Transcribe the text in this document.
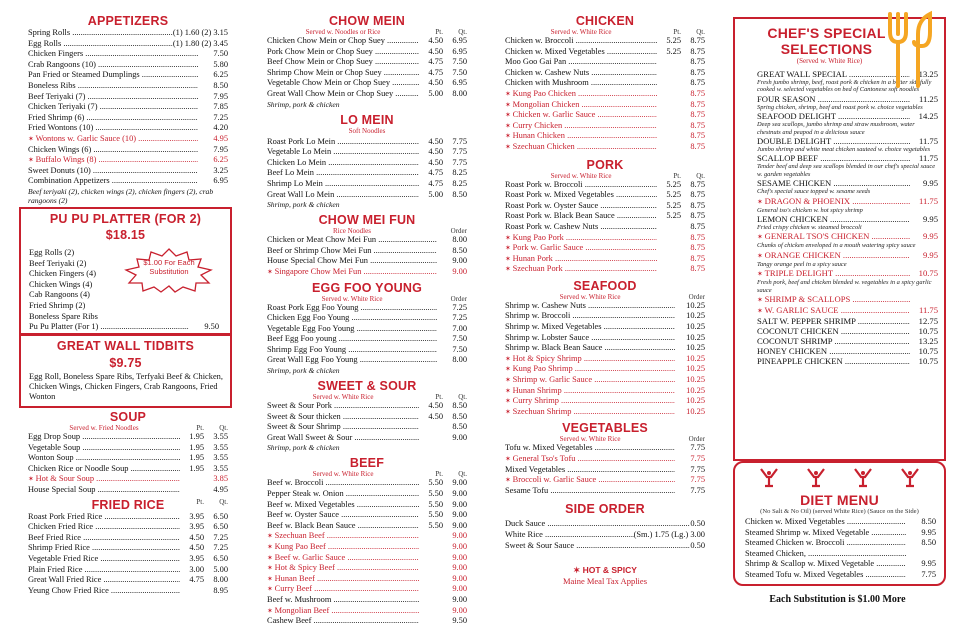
APPETIZERS
Spring Rolls .....	(1) 1.60 (2) 3.15
Egg Rolls .....	(1) 1.80 (2) 3.45
Chicken Fingers .....	7.50
Crab Rangoons (10) .....	5.80
Pan Fried or Steamed Dumplings .....	6.25
Boneless Ribs .....	8.50
Beef Teriyaki (7) .....	7.95
Chicken Teriyaki (7) .....	7.85
Fried Shrimp (6) .....	7.25
Fried Wontons (10) .....	4.20
✶ Wontons w. Garlic Sauce (10) .....	4.95
Chicken Wings (6) .....	7.95
✶ Buffalo Wings (8) .....	6.25
Sweet Donuts (10) .....	3.25
Combination Appetizers .....	6.95
Beef teriyaki (2), chicken wings (2), chicken fingers (2), crab rangoons (2)
PU PU PLATTER (FOR 2)
$18.15
Egg Rolls (2)
Beef Teriyaki (2)
Chicken Fingers (4)
Chicken Wings (4)
Cab Rangoons (4)
Fried Shrimp (2)
Boneless Spare Ribs
Pu Pu Platter (For 1) .....	9.50
$1.00 For Each Substitution
GREAT WALL TIDBITS
$9.75
Egg Roll, Boneless Spare Ribs, Terfyaki Beef & Chicken, Chicken Wings, Chicken Fingers, Crab Rangoons, Fried Wonton
SOUP
Served w. Fried Noodles	Pt.	Qt.
Egg Drop Soup .....	1.95	3.55
Vegetable Soup .....	1.95	3.55
Wonton Soup .....	1.95	3.55
Chicken Rice or Noodle Soup .....	1.95	3.55
✶ Hot & Sour Soup .....	3.85
House Special Soup .....	4.95
FRIED RICE	Pt.	Qt.
Roast Pork Fried Rice .....	3.95	6.50
Chicken Fried Rice .....	3.95	6.50
Beef Fried Rice .....	4.50	7.25
Shrimp Fried Rice .....	4.50	7.25
Vegetable Fried Rice .....	3.95	6.50
Plain Fried Rice .....	3.00	5.00
Great Wall Fried Rice .....	4.75	8.00
Yeung Chow Fried Rice .....	8.95
CHOW MEIN
Served w. Noodles or Rice	Pt.	Qt.
Chicken Chow Mein or Chop Suey .....	4.50	6.95
Pork Chow Mein or Chop Suey .....	4.50	6.95
Beef Chow Mein or Chop Suey .....	4.75	7.50
Shrimp Chow Mein or Chop Suey .....	4.75	7.50
Vegetable Chow Mein or Chop Suey .....	4.50	6.95
Great Wall Chow Mein or Chop Suey .....	5.00	8.00
Shrimp, pork & chicken
LO MEIN
Soft Noodles
Roast Pork Lo Mein .....	4.50	7.75
Vegetable Lo Mein .....	4.50	7.75
Chicken Lo Mein .....	4.50	7.75
Beef Lo Mein .....	4.75	8.25
Shrimp Lo Mein .....	4.75	8.25
Great Wall Lo Mein .....	5.00	8.50
Shrimp, pork & chicken
CHOW MEI FUN
Rice Noodles	Order
Chicken or Meat Chow Mei Fun .....	8.00
Beef or Shrimp Chow Mei Fun .....	8.50
House Special Chow Mei Fun .....	9.00
✶ Singapore Chow Mei Fun .....	9.00
EGG FOO YOUNG
Served w. White Rice	Order
Roast Pork Egg Foo Young .....	7.25
Chicken Egg Foo Young .....	7.25
Vegetable Egg Foo Young .....	7.00
Beef Egg Foo young .....	7.50
Shrimp Egg Foo Young .....	7.50
Great Wall Egg Foo Young .....	8.00
Shrimp, pork & chicken
SWEET & SOUR
Served w. White Rice	Pt.	Qt.
Sweet & Sour Pork .....	4.50	8.50
Sweet & Sour thicken .....	4.50	8.50
Sweet & Sour Shrimp .....	8.50
Great Wall Sweet & Sour .....	9.00
Shrimp, pork & chicken
BEEF
Served w. White Rice	Pt.	Qt.
Beef w. Broccoli .....	5.50	9.00
Pepper Steak w. Onion .....	5.50	9.00
Beef w. Mixed Vegetables .....	5.50	9.00
Beef w. Oyster Sauce .....	5.50	9.00
Beef w. Black Bean Sauce .....	5.50	9.00
✶ Szechuan Beef .....	9.00
✶ Kung Pao Beef .....	9.00
✶ Beef w. Garlic Sauce .....	9.00
✶ Hot & Spicy Beef .....	9.00
✶ Hunan Beef .....	9.00
✶ Curry Beef .....	9.00
Beef w. Mushroom .....	9.00
✶ Mongolian Beef .....	9.00
Cashew Beef .....	9.50
CHICKEN
Served w. White Rice	Pt.	Qt.
Chicken w. Broccoli .....	5.25	8.75
Chicken w. Mixed Vegetables .....	5.25	8.75
Moo Goo Gai Pan .....	8.75
Chicken w. Cashew Nuts .....	8.75
Chicken with Mushroom .....	8.75
✶ Kung Pao Chicken .....	8.75
✶ Mongolian Chicken .....	8.75
✶ Chicken w. Garlic Sauce .....	8.75
✶ Curry Chicken .....	8.75
✶ Hunan Chicken .....	8.75
✶ Szechuan Chicken .....	8.75
PORK
Served w. White Rice	Pt.	Qt.
Roast Pork w. Broccoli .....	5.25	8.75
Roast Pork w. Mixed Vegetables .....	5.25	8.75
Roast Pork w. Oyster Sauce .....	5.25	8.75
Roast Pork w. Black Bean Sauce .....	5.25	8.75
Roast Pork w. Cashew Nuts .....	8.75
✶ Kung Pao Pork .....	8.75
✶ Pork w. Garlic Sauce .....	8.75
✶ Hunan Pork .....	8.75
✶ Szechuan Pork .....	8.75
SEAFOOD
Served w. White Rice	Order
Shrimp w. Cashew Nuts .....	10.25
Shrimp w. Broccoli .....	10.25
Shrimp w. Mixed Vegetables .....	10.25
Shrimp w. Lobster Sauce .....	10.25
Shrimp w. Black Bean Sauce .....	10.25
✶ Hot & Spicy Shrimp .....	10.25
✶ Kung Pao Shrimp .....	10.25
✶ Shrimp w. Garlic Sauce .....	10.25
✶ Hunan Shrimp .....	10.25
✶ Curry Shrimp .....	10.25
✶ Szechuan Shrimp .....	10.25
VEGETABLES
Served w. White Rice	Order
Tofu w. Mixed Vegetables .....	7.75
✶ General Tso's Tofu .....	7.75
Mixed Vegetables .....	7.75
✶ Broccoli w. Garlic Sauce .....	7.75
Sesame Tofu .....	7.75
SIDE ORDER
Duck Sauce .....	0.50
White Rice .....	(Sm.) 1.75 (Lg.) 3.00
Sweet & Sour Sauce .....	0.50
✶ HOT & SPICY
Maine Meal Tax Applies
CHEF'S SPECIAL SELECTIONS
(Served w. White Rice)
GREAT WALL SPECIAL .....	13.25
Fresh jumbo shrimp, beef, roast pork & chicken in a batter skillfully cooked w. selected vegetables on bed of Cantonese soft noodles
FOUR SEASON .....	11.25
Spring chicken, shrimp, beef and roast pork w. choice vegetables
SEAFOOD DELIGHT .....	14.25
Deep sea scallops, jumbo shrimp and straw mushroom, water chestnuts and peapod in a delicious sauce
DOUBLE DELIGHT .....	11.75
Jumbo shrimp and white meat chicken sauteed w. choice vegetables
SCALLOP BEEF .....	11.75
Tender beef and deep sea scallops blended in our chef's special sauce w. garden vegetables
SESAME CHICKEN .....	9.95
Chef's special sauce topped w. sesame seeds
✶ DRAGON & PHOENIX .....	11.75
General tso's chicken w. hot spicy shrimp
LEMON CHICKEN .....	9.95
Fried crispy chicken w. steamed broccoli
✶ GENERAL TSO'S CHICKEN .....	9.95
Chunks of chicken enveloped in a mouth watering spicy sauce
✶ ORANGE CHICKEN .....	9.95
Tangy orange peel in a spicy sauce
✶ TRIPLE DELIGHT .....	10.75
Fresh pork, beef and chicken blended w. vegetables in a spicy garlic sauce
✶ SHRIMP & SCALLOPS .....
✶ W. GARLIC SAUCE .....	11.75
SALT W. PEPPER SHRIMP .....	12.75
COCONUT CHICKEN .....	10.75
COCONUT SHRIMP .....	13.25
HONEY CHICKEN .....	10.75
PINEAPPLE CHICKEN .....	10.75
DIET MENU
(No Salt & No Oil) (served White Rice) (Sauce on the Side)
Chicken w. Mixed Vegetables .....	8.50
Steamed Shrimp w. Mixed Vegetable .....	9.95
Steamed Chicken w. Broccoli .....	8.50
Steamed Chicken, .....
Shrimp & Scallop w. Mixed Vegetable .....	9.95
Steamed Tofu w. Mixed Vegetables .....	7.75
Each Substitution is $1.00 More
